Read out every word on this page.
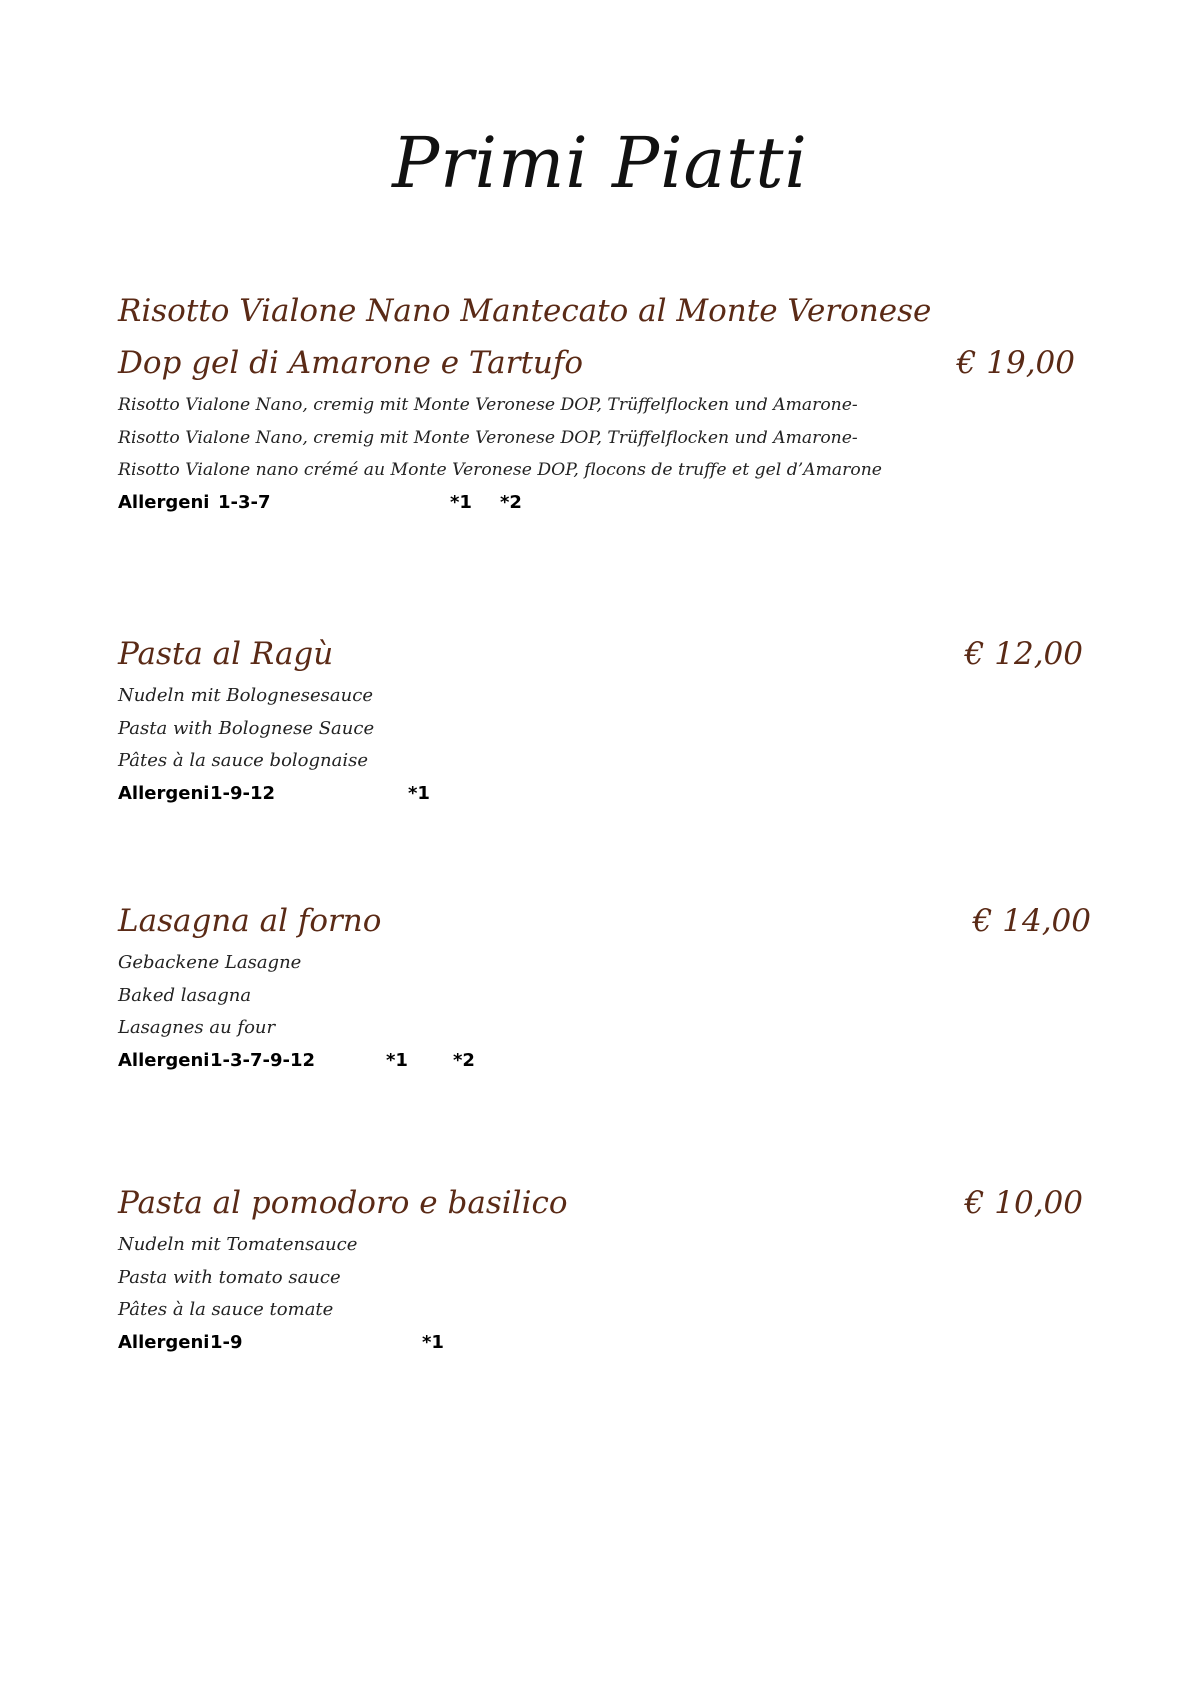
Primi Piatti
Risotto Vialone Nano Mantecato al Monte Veronese
Dop gel di Amarone e Tartufo	€ 19,00
Risotto Vialone Nano, cremig mit Monte Veronese DOP, Trüffelflocken und Amarone-
Risotto Vialone Nano, cremig mit Monte Veronese DOP, Trüffelflocken und Amarone-
Risotto Vialone nano crémé au Monte Veronese DOP, flocons de truffe et gel d’Amarone
Allergeni 1-3-7	*1 *2
Pasta al Ragù	€ 12,00
Nudeln mit Bolognesesauce
Pasta with Bolognese Sauce
Pâtes à la sauce bolognaise
Allergeni 1-9-12	*1
Lasagna al forno	€ 14,00
Gebackene Lasagne
Baked lasagna
Lasagnes au four
Allergeni 1-3-7-9-12	*1	*2
Pasta al pomodoro e basilico	€ 10,00
Nudeln mit Tomatensauce
Pasta with tomato sauce
Pâtes à la sauce tomate
Allergeni 1-9	*1
